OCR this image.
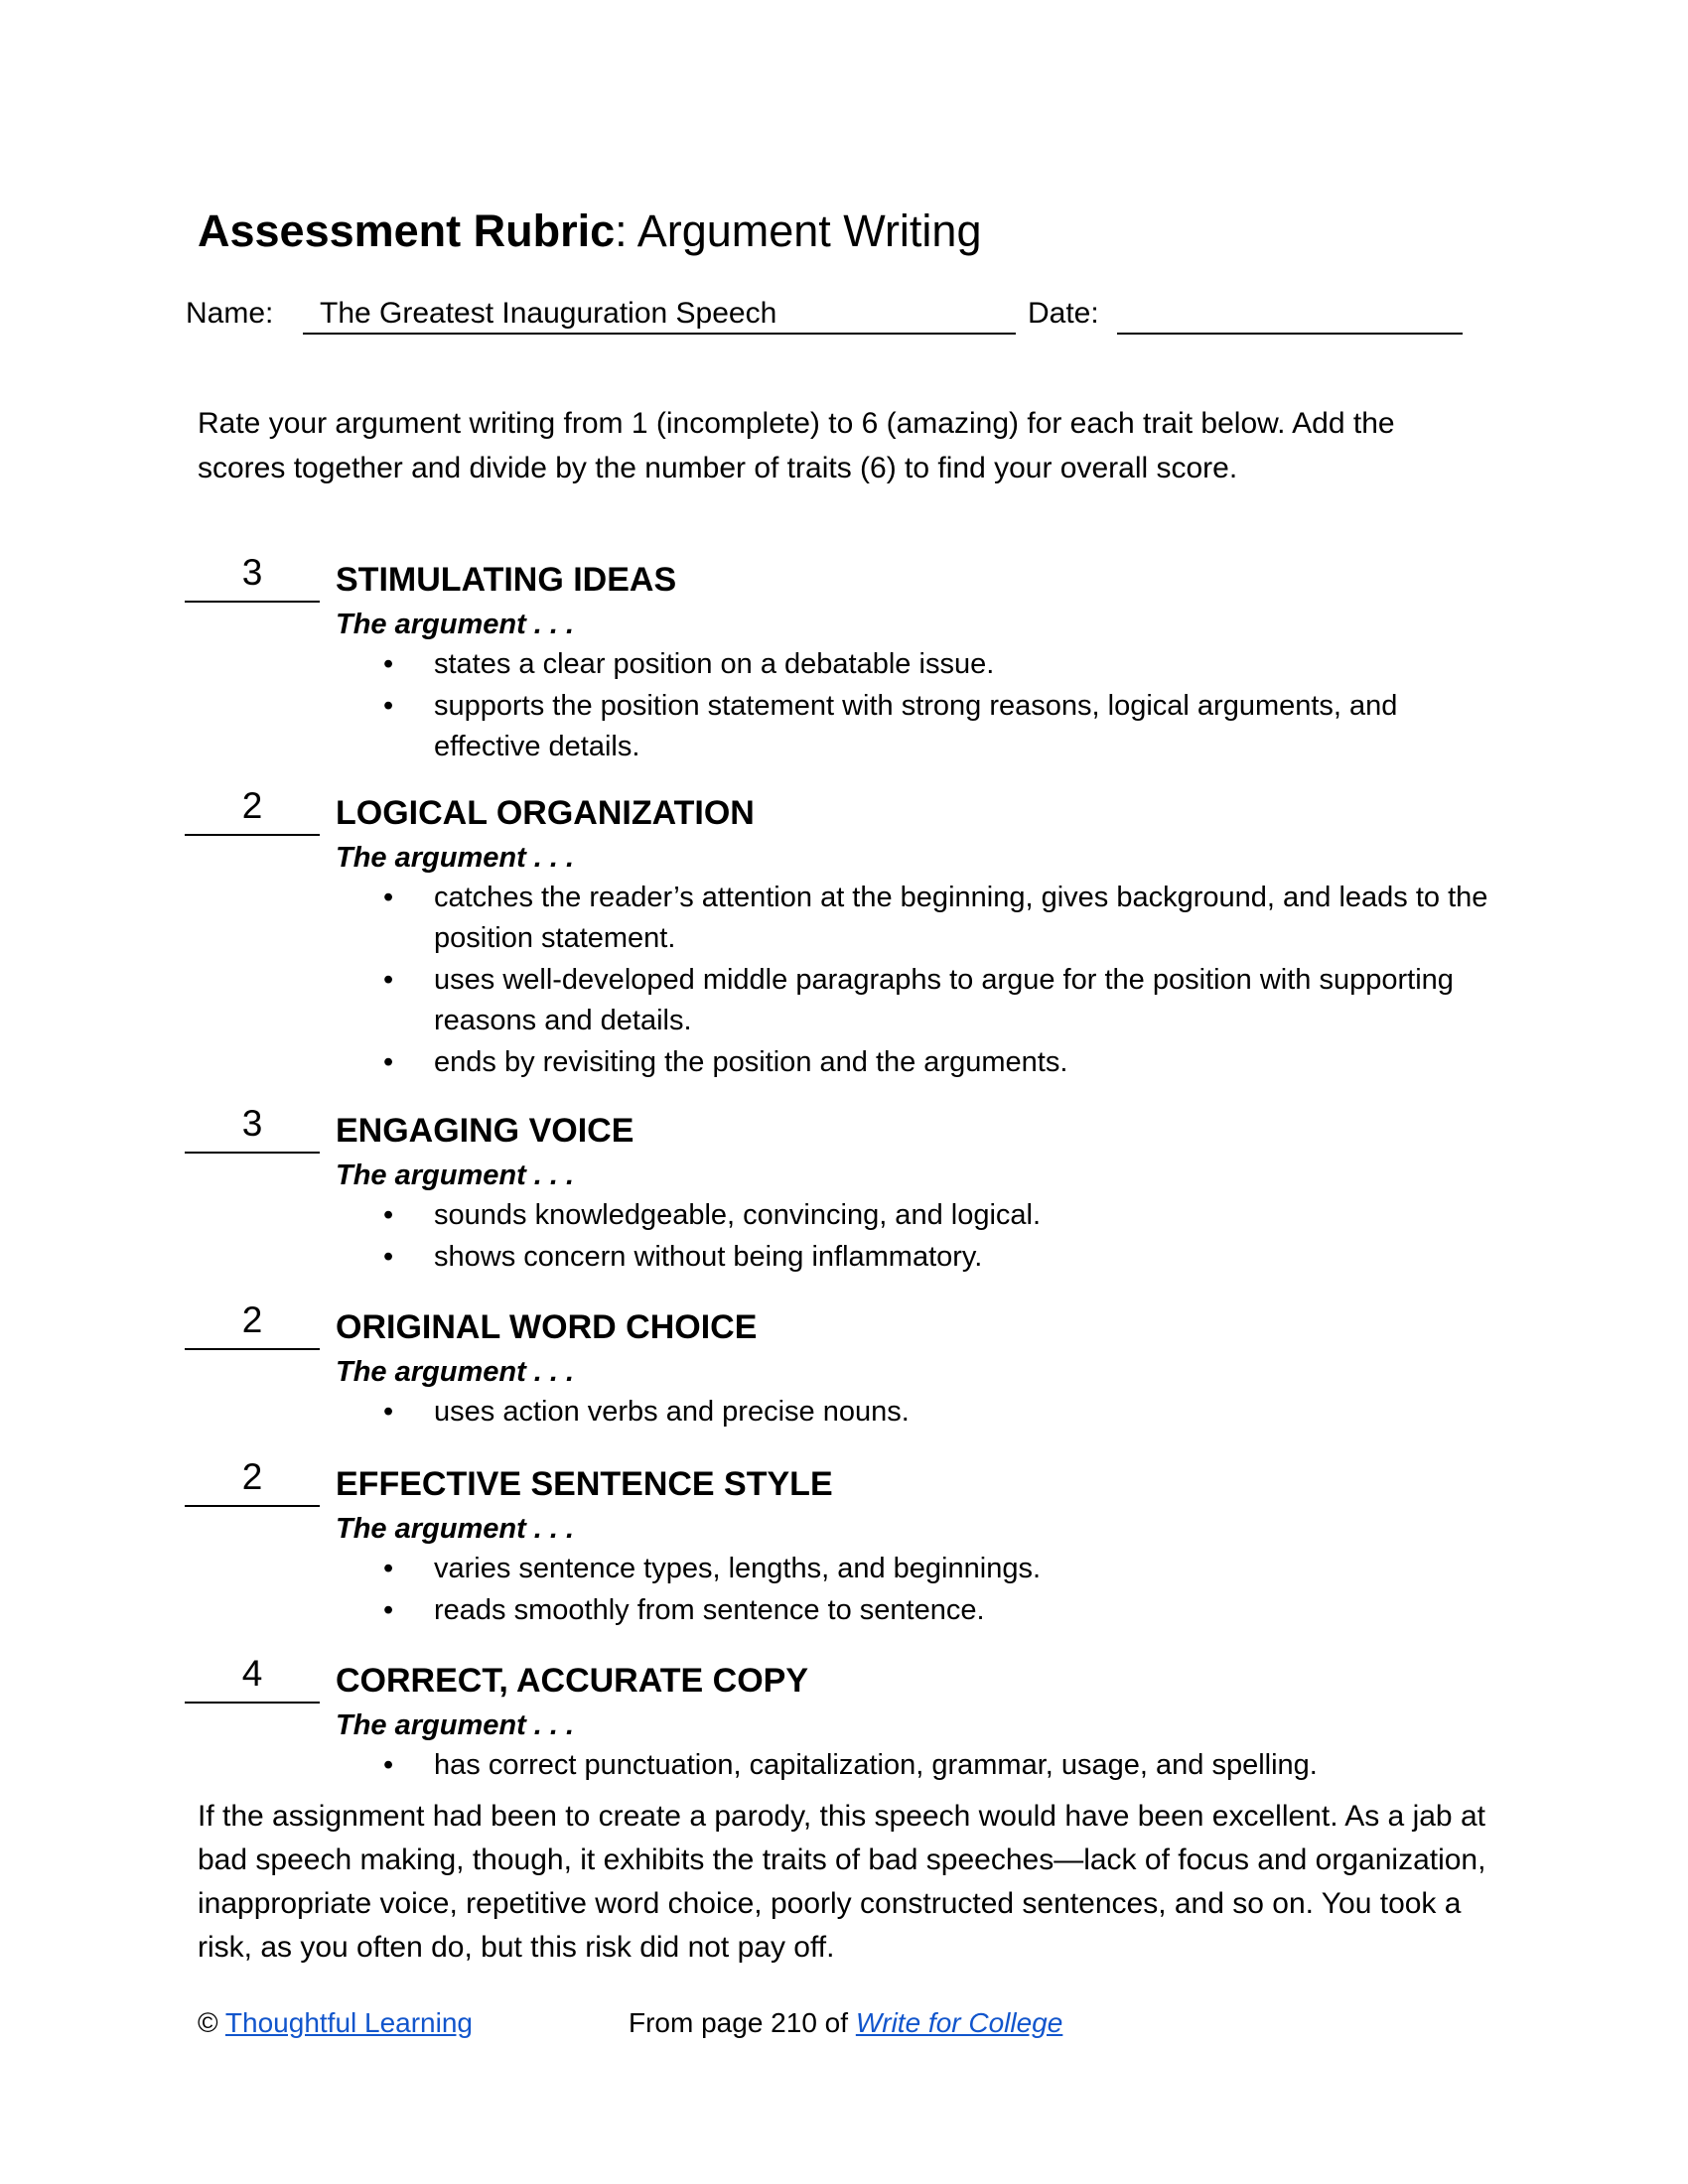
Assessment Rubric: Argument Writing
Name: The Greatest Inauguration Speech	Date:
Rate your argument writing from 1 (incomplete) to 6 (amazing) for each trait below. Add the scores together and divide by the number of traits (6) to find your overall score.
3	STIMULATING IDEAS
The argument . . .
• states a clear position on a debatable issue.
• supports the position statement with strong reasons, logical arguments, and effective details.
2	LOGICAL ORGANIZATION
The argument . . .
• catches the reader’s attention at the beginning, gives background, and leads to the position statement.
• uses well-developed middle paragraphs to argue for the position with supporting reasons and details.
• ends by revisiting the position and the arguments.
3	ENGAGING VOICE
The argument . . .
• sounds knowledgeable, convincing, and logical.
• shows concern without being inflammatory.
2	ORIGINAL WORD CHOICE
The argument . . .
• uses action verbs and precise nouns.
2	EFFECTIVE SENTENCE STYLE
The argument . . .
• varies sentence types, lengths, and beginnings.
• reads smoothly from sentence to sentence.
4	CORRECT, ACCURATE COPY
The argument . . .
• has correct punctuation, capitalization, grammar, usage, and spelling.
If the assignment had been to create a parody, this speech would have been excellent. As a jab at bad speech making, though, it exhibits the traits of bad speeches—lack of focus and organization, inappropriate voice, repetitive word choice, poorly constructed sentences, and so on. You took a risk, as you often do, but this risk did not pay off.
© Thoughtful Learning	From page 210 of Write for College
